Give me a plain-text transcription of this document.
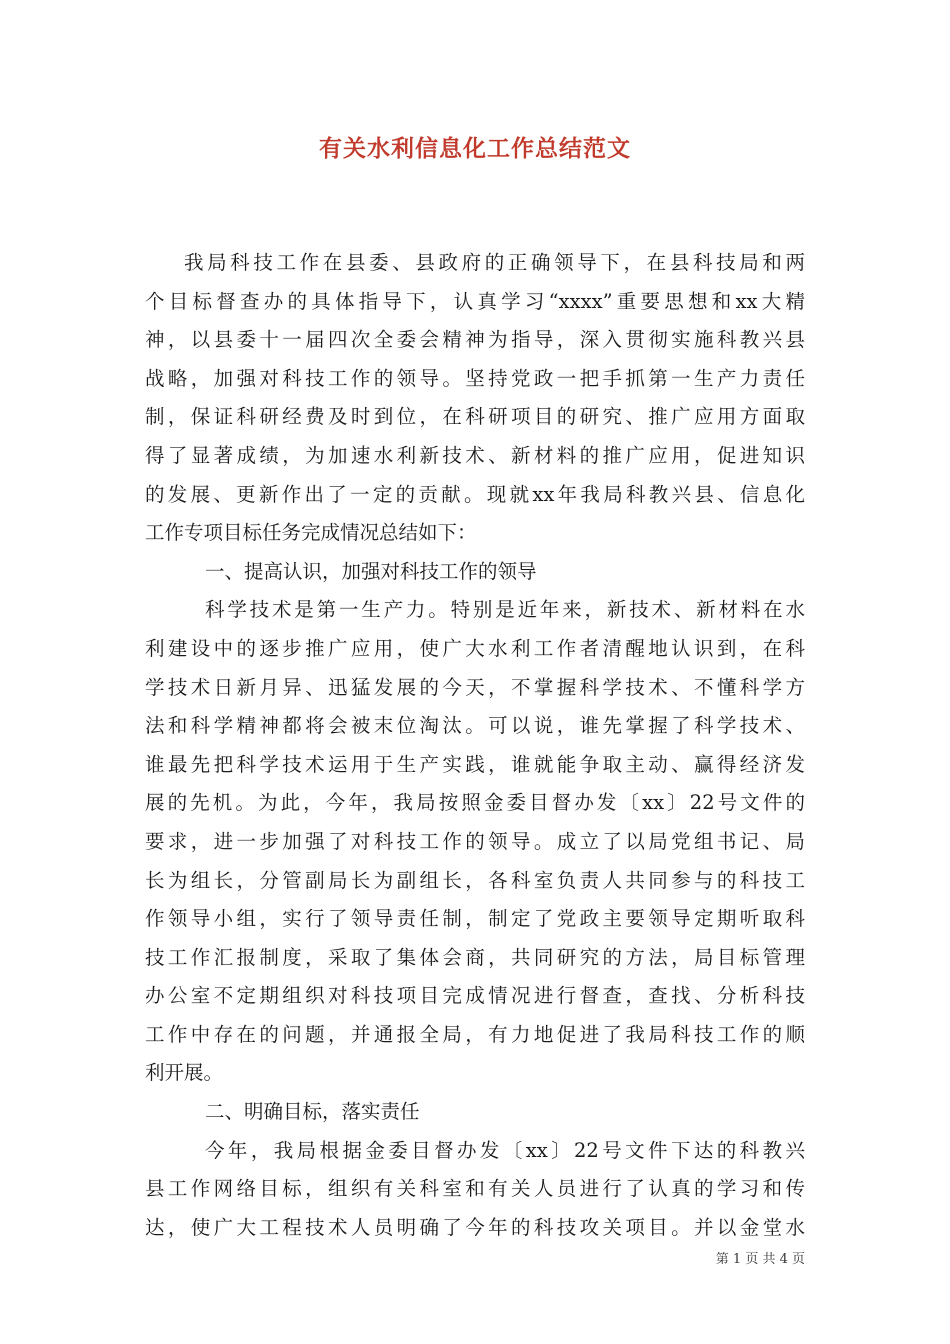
有关水利信息化工作总结范文
我局科技工作在县委、县政府的正确领导下，在县科技局和两
个目标督查办的具体指导下，认真学习“xxxx”重要思想和xx大精
神，以县委十一届四次全委会精神为指导，深入贯彻实施科教兴县
战略，加强对科技工作的领导。坚持党政一把手抓第一生产力责任
制，保证科研经费及时到位，在科研项目的研究、推广应用方面取
得了显著成绩，为加速水利新技术、新材料的推广应用，促进知识
的发展、更新作出了一定的贡献。现就xx年我局科教兴县、信息化
工作专项目标任务完成情况总结如下：
一、提高认识，加强对科技工作的领导
科学技术是第一生产力。特别是近年来，新技术、新材料在水
利建设中的逐步推广应用，使广大水利工作者清醒地认识到，在科
学技术日新月异、迅猛发展的今天，不掌握科学技术、不懂科学方
法和科学精神都将会被末位淘汰。可以说，谁先掌握了科学技术、
谁最先把科学技术运用于生产实践，谁就能争取主动、赢得经济发
展的先机。为此，今年，我局按照金委目督办发〔xx〕22号文件的
要求，进一步加强了对科技工作的领导。成立了以局党组书记、局
长为组长，分管副局长为副组长，各科室负责人共同参与的科技工
作领导小组，实行了领导责任制，制定了党政主要领导定期听取科
技工作汇报制度，采取了集体会商，共同研究的方法，局目标管理
办公室不定期组织对科技项目完成情况进行督查，查找、分析科技
工作中存在的问题，并通报全局，有力地促进了我局科技工作的顺
利开展。
二、明确目标，落实责任
今年，我局根据金委目督办发〔xx〕22号文件下达的科教兴
县工作网络目标，组织有关科室和有关人员进行了认真的学习和传
达，使广大工程技术人员明确了今年的科技攻关项目。并以金堂水
第 1 页 共 4 页
